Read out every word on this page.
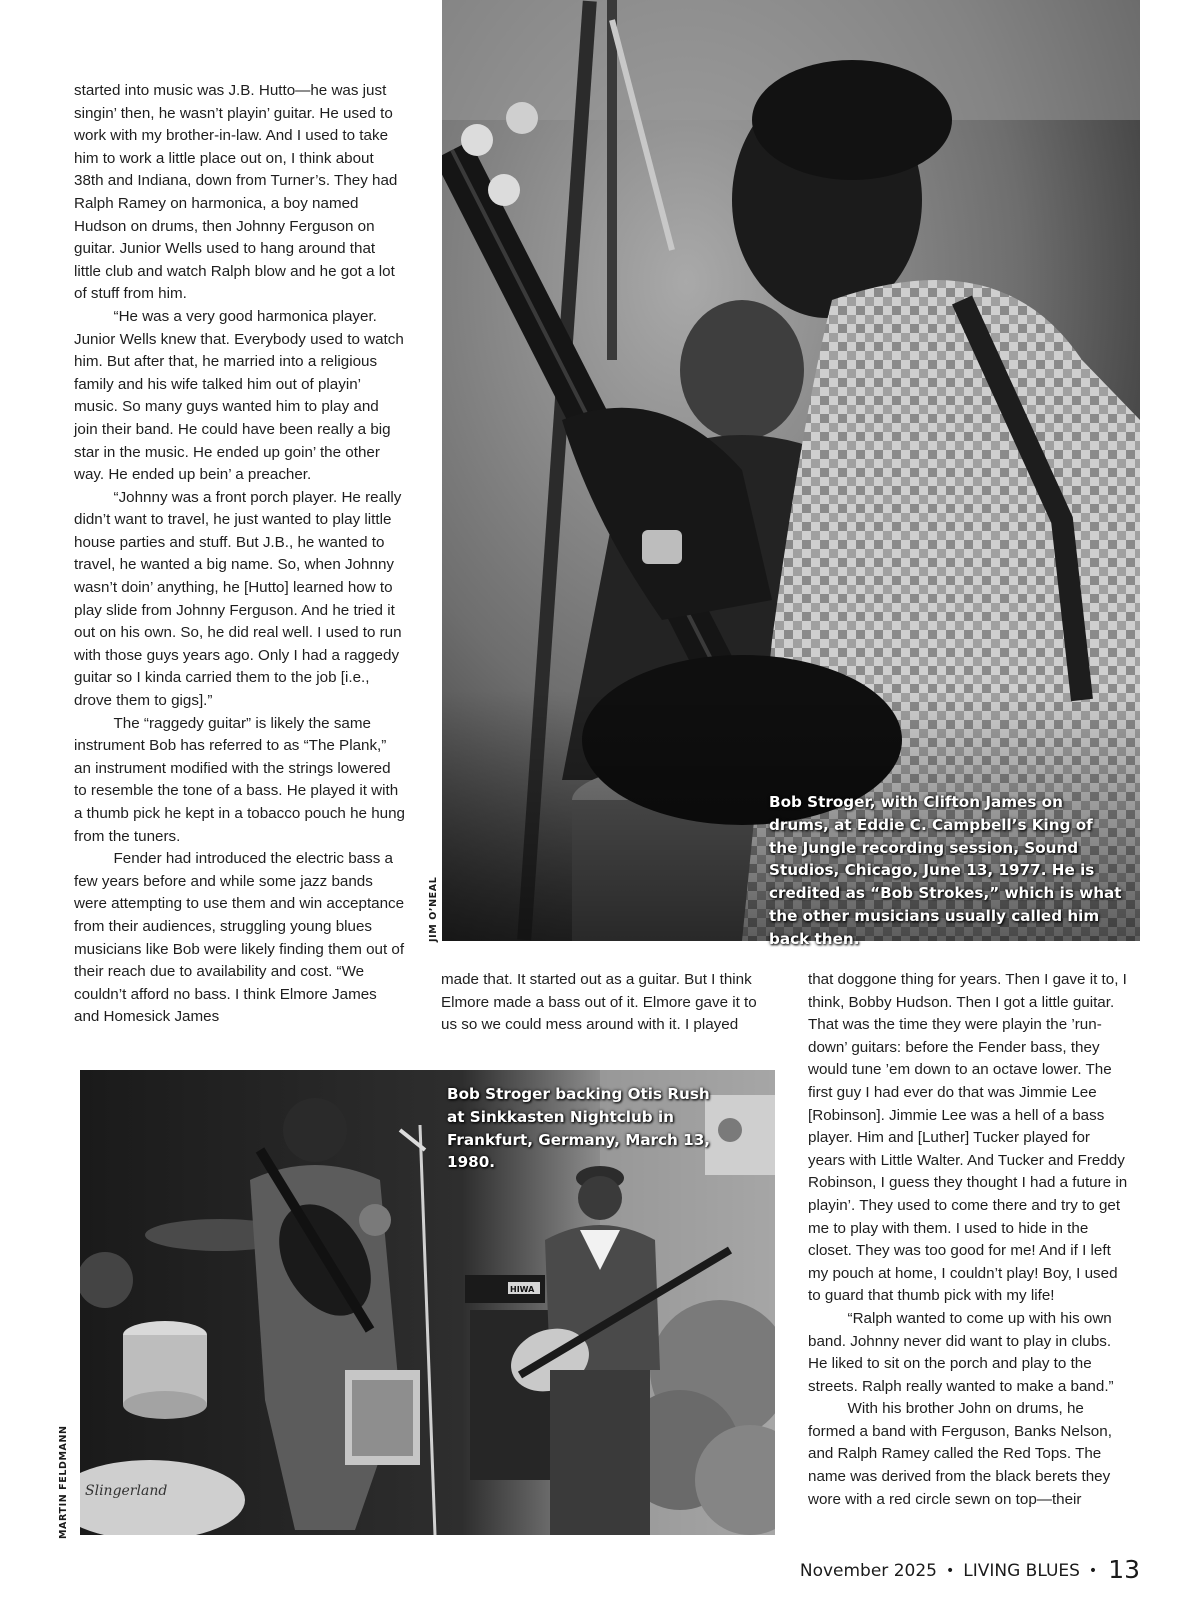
started into music was J.B. Hutto—he was just singin’ then, he wasn’t playin’ guitar. He used to work with my brother-in-law. And I used to take him to work a little place out on, I think about 38th and Indiana, down from Turner’s. They had Ralph Ramey on harmonica, a boy named Hudson on drums, then Johnny Ferguson on guitar. Junior Wells used to hang around that little club and watch Ralph blow and he got a lot of stuff from him.

“He was a very good harmonica player. Junior Wells knew that. Everybody used to watch him. But after that, he married into a religious family and his wife talked him out of playin’ music. So many guys wanted him to play and join their band. He could have been really a big star in the music. He ended up goin’ the other way. He ended up bein’ a preacher.

“Johnny was a front porch player. He really didn’t want to travel, he just wanted to play little house parties and stuff. But J.B., he wanted to travel, he wanted a big name. So, when Johnny wasn’t doin’ anything, he [Hutto] learned how to play slide from Johnny Ferguson. And he tried it out on his own. So, he did real well. I used to run with those guys years ago. Only I had a raggedy guitar so I kinda carried them to the job [i.e., drove them to gigs].”

The “raggedy guitar” is likely the same instrument Bob has referred to as “The Plank,” an instrument modified with the strings lowered to resemble the tone of a bass. He played it with a thumb pick he kept in a tobacco pouch he hung from the tuners.

Fender had introduced the electric bass a few years before and while some jazz bands were attempting to use them and win acceptance from their audiences, struggling young blues musicians like Bob were likely finding them out of their reach due to availability and cost. “We couldn’t afford no bass. I think Elmore James and Homesick James

Bob Stroger, with Clifton James on drums, at Eddie C. Campbell’s King of the Jungle recording session, Sound Studios, Chicago, June 13, 1977. He is credited as “Bob Strokes,” which is what the other musicians usually called him back then.
JIM O’NEAL

made that. It started out as a guitar. But I think Elmore made a bass out of it. Elmore gave it to us so we could mess around with it. I played

that doggone thing for years. Then I gave it to, I think, Bobby Hudson. Then I got a little guitar. That was the time they were playin the ’run-down’ guitars: before the Fender bass, they would tune ’em down to an octave lower. The first guy I had ever do that was Jimmie Lee [Robinson]. Jimmie Lee was a hell of a bass player. Him and [Luther] Tucker played for years with Little Walter. And Tucker and Freddy Robinson, I guess they thought I had a future in playin’. They used to come there and try to get me to play with them. I used to hide in the closet. They was too good for me! And if I left my pouch at home, I couldn’t play! Boy, I used to guard that thumb pick with my life!

“Ralph wanted to come up with his own band. Johnny never did want to play in clubs. He liked to sit on the porch and play to the streets. Ralph really wanted to make a band.”

With his brother John on drums, he formed a band with Ferguson, Banks Nelson, and Ralph Ramey called the Red Tops. The name was derived from the black berets they wore with a red circle sewn on top—their

Slingerland
HIWA
Bob Stroger backing Otis Rush at Sinkkasten Nightclub in Frankfurt, Germany, March 13, 1980.
MARTIN FELDMANN
November 2025 • LIVING BLUES • 13
